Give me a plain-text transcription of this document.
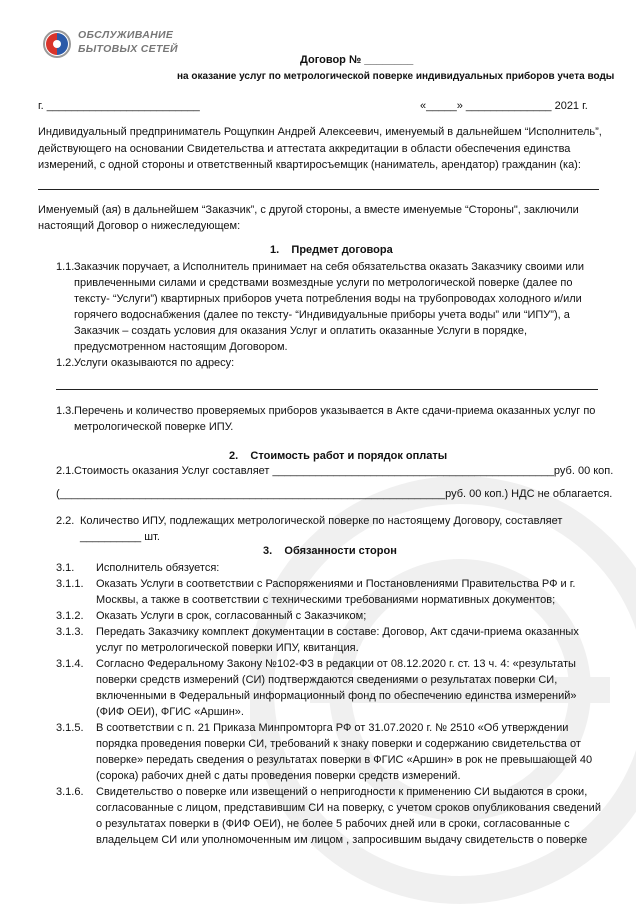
ОБСЛУЖИВАНИЕ
БЫТОВЫХ СЕТЕЙ
Договор № ________
на оказание услуг по метрологической поверке индивидуальных приборов учета воды
г. _________________________	«_____» ______________ 2021 г.
Индивидуальный предприниматель Рощупкин Андрей Алексеевич, именуемый в дальнейшем “Исполнитель”,
действующего на основании Свидетельства и аттестата аккредитации в области обеспечения единства
измерений, с одной стороны и ответственный квартиросъемщик (наниматель, арендатор) гражданин (ка):
Именуемый (ая) в дальнейшем “Заказчик”, с другой стороны, а вместе именуемые “Стороны", заключили
настоящий Договор о нижеследующем:
1. Предмет договора
1.1. Заказчик поручает, а Исполнитель принимает на себя обязательства оказать Заказчику своими или
привлеченными силами и средствами возмездные услуги по метрологической поверке (далее по
тексту- “Услуги”) квартирных приборов учета потребления воды на трубопроводах холодного и/или
горячего водоснабжения (далее по тексту- “Индивидуальные приборы учета воды” или “ИПУ”), а
Заказчик – создать условия для оказания Услуг и оплатить оказанные Услуги в порядке,
предусмотренном настоящим Договором.
1.2. Услуги оказываются по адресу:
1.3. Перечень и количество проверяемых приборов указывается в Акте сдачи-приема оказанных услуг по
метрологической поверке ИПУ.
2. Стоимость работ и порядок оплаты
2.1. Стоимость оказания Услуг составляет ______________________________________________руб. 00 коп.
(_______________________________________________________________руб. 00 коп.) НДС не облагается.
2.2. Количество ИПУ, подлежащих метрологической поверке по настоящему Договору, составляет
__________ шт.
3. Обязанности сторон
3.1. Исполнитель обязуется:
3.1.1. Оказать Услуги в соответствии с Распоряжениями и Постановлениями Правительства РФ и г.
Москвы, а также в соответствии с техническими требованиями нормативных документов;
3.1.2. Оказать Услуги в срок, согласованный с Заказчиком;
3.1.3. Передать Заказчику комплект документации в составе: Договор, Акт сдачи-приема оказанных
услуг по метрологической поверки ИПУ, квитанция.
3.1.4. Согласно Федеральному Закону №102-ФЗ в редакции от 08.12.2020 г. ст. 13 ч. 4: «результаты
поверки средств измерений (СИ) подтверждаются сведениями о результатах поверки СИ,
включенными в Федеральный информационный фонд по обеспечению единства измерений»
(ФИФ ОЕИ), ФГИС «Аршин».
3.1.5. В соответствии с п. 21 Приказа Минпромторга РФ от 31.07.2020 г. № 2510 «Об утверждении
порядка проведения поверки СИ, требований к знаку поверки и содержанию свидетельства от
поверке» передать сведения о результатах поверки в ФГИС «Аршин» в рок не превышающей 40
(сорока) рабочих дней с даты проведения поверки средств измерений.
3.1.6. Свидетельство о поверке или извещений о непригодности к применению СИ выдаются в сроки,
согласованные с лицом, представившим СИ на поверку, с учетом сроков опубликования сведений
о результатах поверки в (ФИФ ОЕИ), не более 5 рабочих дней или в сроки, согласованные с
владельцем СИ или уполномоченным им лицом , запросившим выдачу свидетельств о поверке
